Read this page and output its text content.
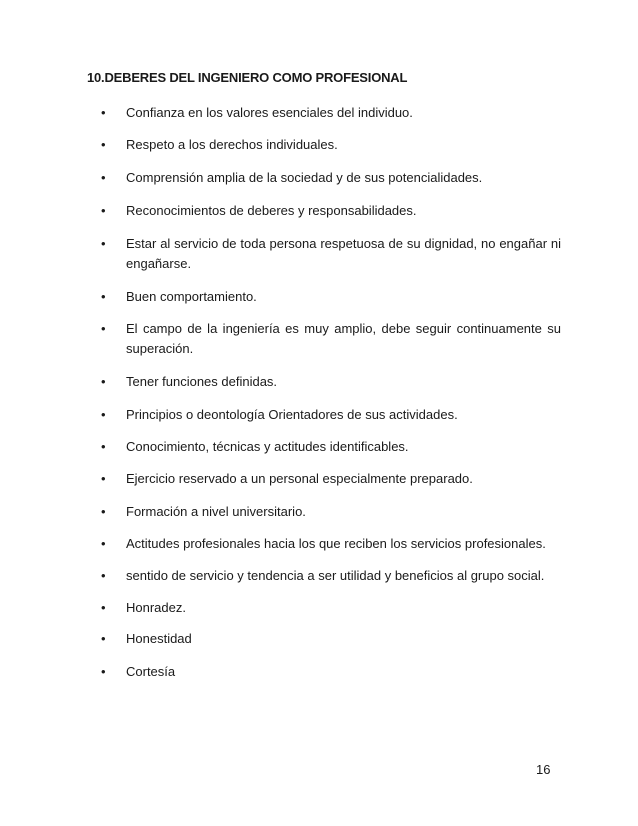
10.DEBERES DEL INGENIERO COMO PROFESIONAL
•	Confianza en los valores esenciales del individuo.
•	Respeto a los derechos individuales.
•	Comprensión amplia de la sociedad y de sus potencialidades.
•	Reconocimientos de deberes y responsabilidades.
•	Estar al servicio de toda persona respetuosa de su dignidad, no engañar ni engañarse.
•	Buen comportamiento.
•	El campo de la ingeniería es muy amplio, debe seguir continuamente su superación.
•	Tener funciones definidas.
•	Principios o deontología Orientadores de sus actividades.
•	Conocimiento, técnicas y actitudes identificables.
•	Ejercicio reservado a un personal especialmente preparado.
•	Formación a nivel universitario.
•	Actitudes profesionales hacia los que reciben los servicios profesionales.
•	sentido de servicio y tendencia a ser utilidad y beneficios al grupo social.
•	Honradez.
•	Honestidad
•	Cortesía
16
